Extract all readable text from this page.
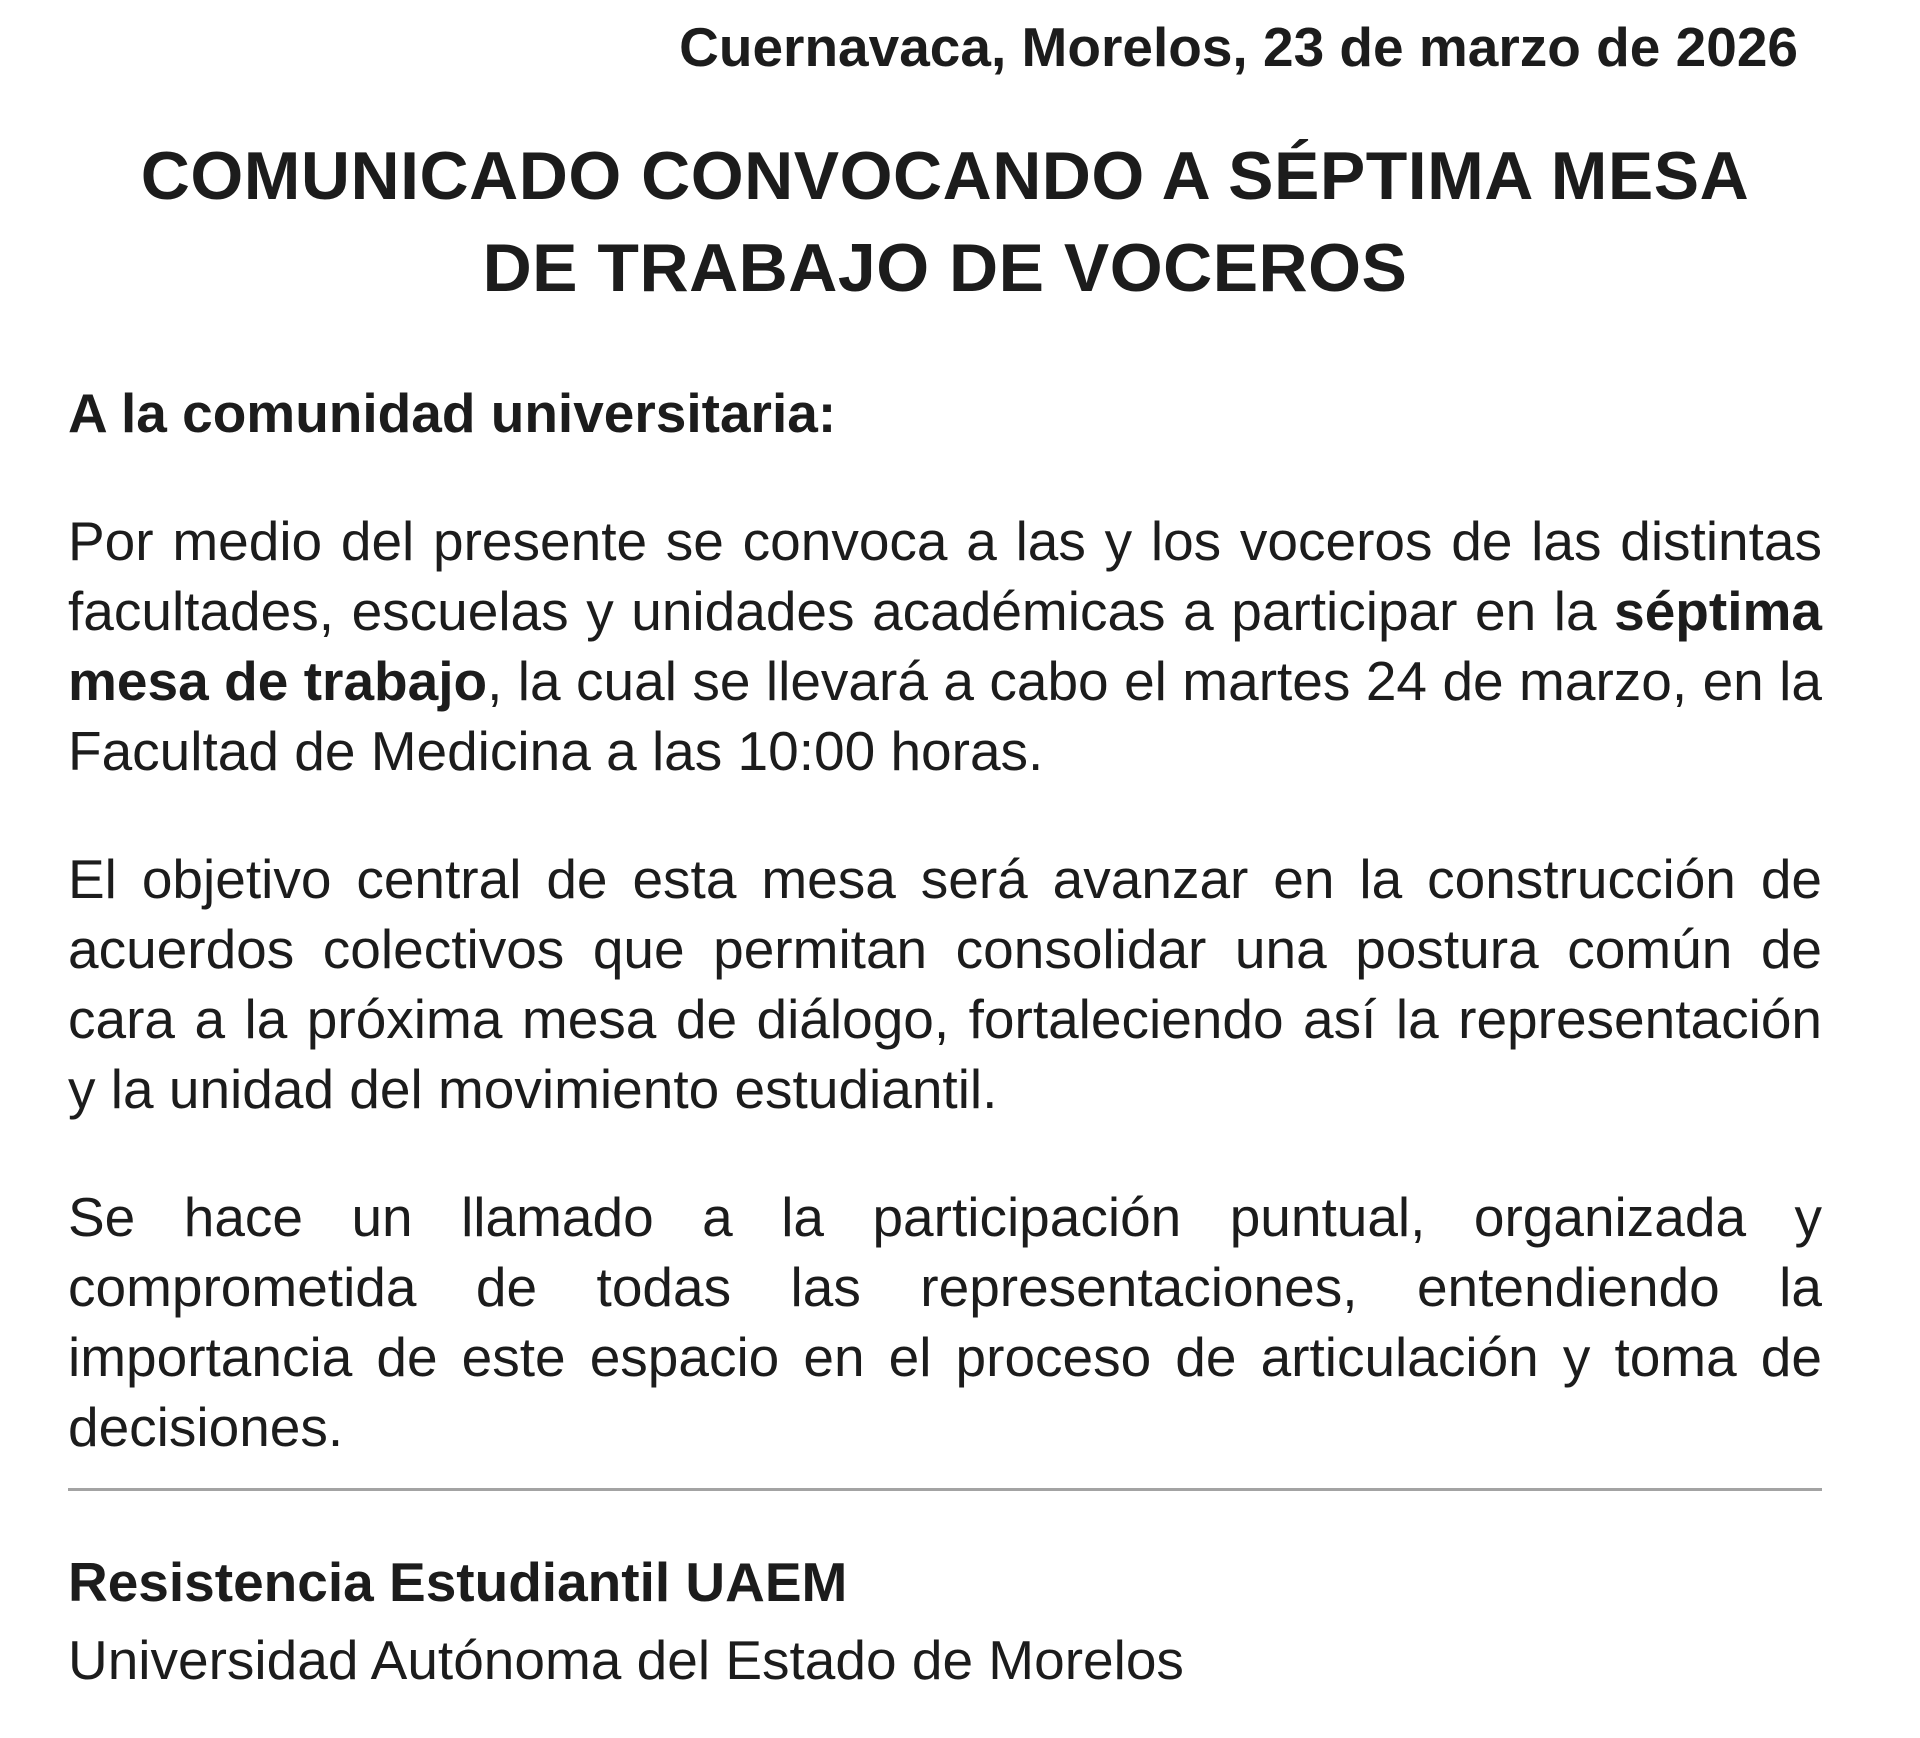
Cuernavaca, Morelos, 23 de marzo de 2026
COMUNICADO CONVOCANDO A SÉPTIMA MESA
DE TRABAJO DE VOCEROS
A la comunidad universitaria:

Por medio del presente se convoca a las y los voceros de las distintas facultades, escuelas y unidades académicas a participar en la séptima mesa de trabajo, la cual se llevará a cabo el martes 24 de marzo, en la Facultad de Medicina a las 10:00 horas.

El objetivo central de esta mesa será avanzar en la construcción de acuerdos colectivos que permitan consolidar una postura común de cara a la próxima mesa de diálogo, fortaleciendo así la representación y la unidad del movimiento estudiantil.

Se hace un llamado a la participación puntual, organizada y comprometida de todas las representaciones, entendiendo la importancia de este espacio en el proceso de articulación y toma de decisiones.

Resistencia Estudiantil UAEM
Universidad Autónoma del Estado de Morelos
